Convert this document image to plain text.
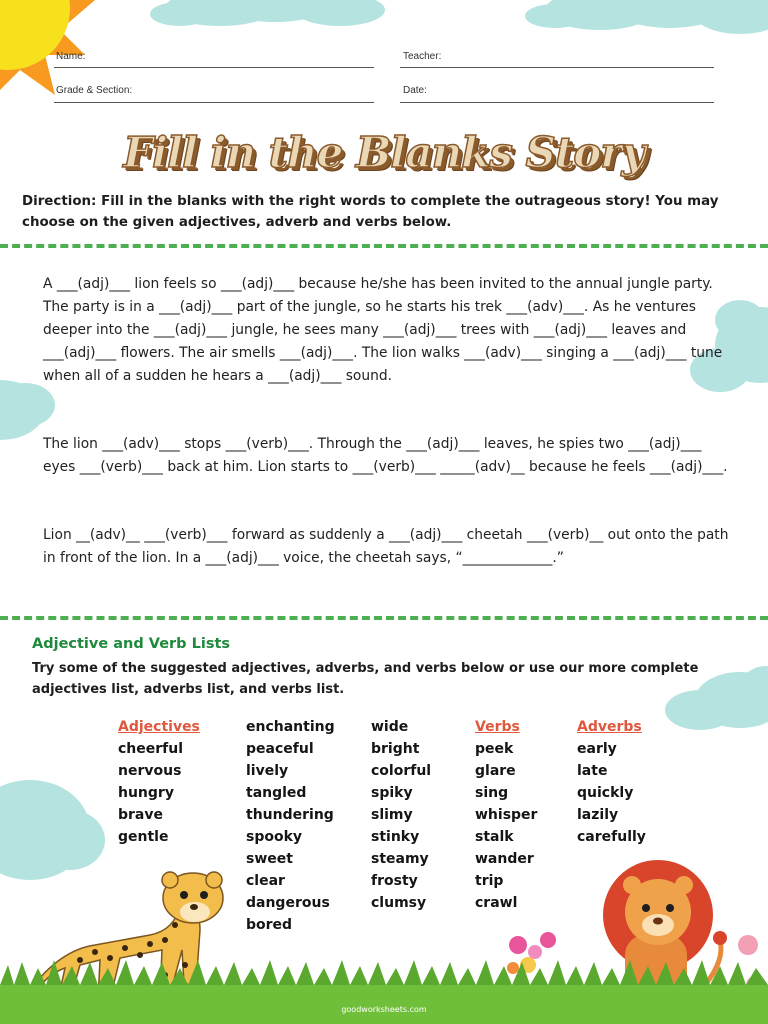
Name:	Teacher:
Grade & Section:	Date:
Fill in the Blanks Story
Direction: Fill in the blanks with the right words to complete the outrageous story! You may choose on the given adjectives, adverb and verbs below.

A ___(adj)___ lion feels so ___(adj)___ because he/she has been invited to the annual jungle party. The party is in a ___(adj)___ part of the jungle, so he starts his trek ___(adv)___. As he ventures deeper into the ___(adj)___ jungle, he sees many ___(adj)___ trees with ___(adj)___ leaves and ___(adj)___ flowers. The air smells ___(adj)___. The lion walks ___(adv)___ singing a ___(adj)___ tune when all of a sudden he hears a ___(adj)___ sound.

The lion ___(adv)___ stops ___(verb)___. Through the ___(adj)___ leaves, he spies two ___(adj)___ eyes ___(verb)___ back at him. Lion starts to ___(verb)___ _____(adv)__ because he feels ___(adj)___.

Lion __(adv)__ ___(verb)___ forward as suddenly a ___(adj)___ cheetah ___(verb)__ out onto the path in front of the lion. In a ___(adj)___ voice, the cheetah says, “_____________.”

Adjective and Verb Lists
Try some of the suggested adjectives, adverbs, and verbs below or use our more complete adjectives list, adverbs list, and verbs list.
Adjectives
cheerful
nervous
hungry
brave
gentle
enchanting
peaceful
lively
tangled
thundering
spooky
sweet
clear
dangerous
bored
wide
bright
colorful
spiky
slimy
stinky
steamy
frosty
clumsy
Verbs
peek
glare
sing
whisper
stalk
wander
trip
crawl
Adverbs
early
late
quickly
lazily
carefully
goodworksheets.com
